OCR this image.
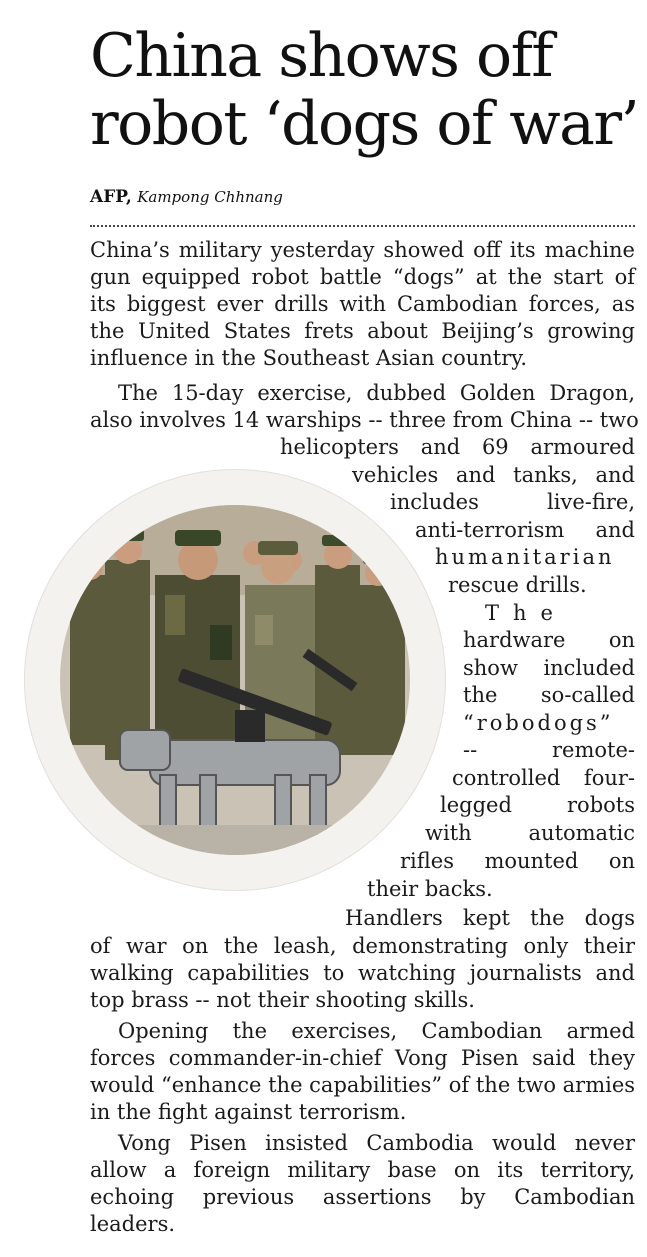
China shows off
robot ‘dogs of war’
AFP, Kampong Chhnang
China’s military yesterday showed off its machine
gun equipped robot battle “dogs” at the start of
its biggest ever drills with Cambodian forces, as
the United States frets about Beijing’s growing
influence in the Southeast Asian country.
The 15-day exercise, dubbed Golden Dragon,
also involves 14 warships -- three from China -- two
helicopters and 69 armoured
vehicles and tanks, and
includes live-fire,
anti-terrorism and
humanitarian
rescue drills.
The
hardware on
show included
the so-called
“robodogs”
-- remote-
controlled four-
legged robots
with automatic
rifles mounted on
their backs.
Handlers kept the dogs
of war on the leash, demonstrating only their
walking capabilities to watching journalists and
top brass -- not their shooting skills.
Opening the exercises, Cambodian armed
forces commander-in-chief Vong Pisen said they
would “enhance the capabilities” of the two armies
in the fight against terrorism.
Vong Pisen insisted Cambodia would never
allow a foreign military base on its territory,
echoing previous assertions by Cambodian
leaders.
